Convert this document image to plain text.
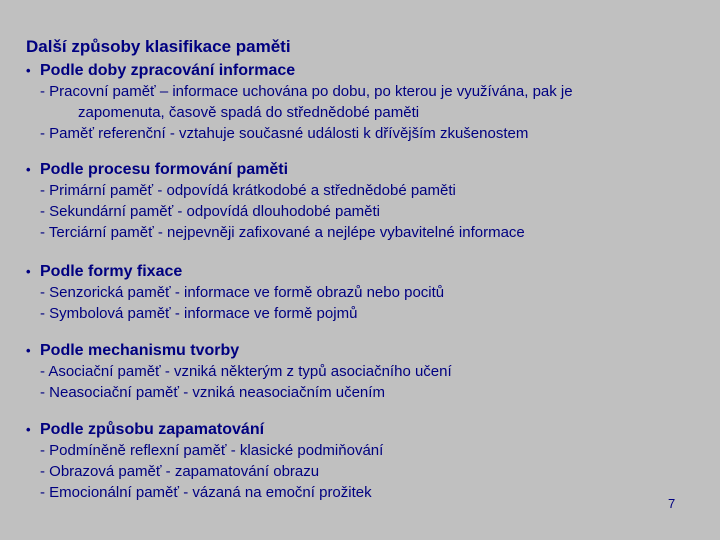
Další způsoby klasifikace paměti
• Podle doby zpracování informace
- Pracovní paměť – informace uchována po dobu, po kterou je využívána, pak je
zapomenuta, časově spadá do střednědobé paměti
- Paměť referenční - vztahuje současné události k dřívějším zkušenostem
• Podle procesu formování paměti
- Primární paměť - odpovídá krátkodobé a střednědobé paměti
- Sekundární paměť - odpovídá dlouhodobé paměti
- Terciární paměť - nejpevněji zafixované a nejlépe vybavitelné informace
• Podle formy fixace
- Senzorická paměť - informace ve formě obrazů nebo pocitů
- Symbolová paměť - informace ve formě pojmů
• Podle mechanismu tvorby
- Asociační paměť - vzniká některým z typů asociačního učení
- Neasociační paměť - vzniká neasociačním učením
• Podle způsobu zapamatování
- Podmíněně reflexní paměť - klasické podmiňování
- Obrazová paměť - zapamatování obrazu
- Emocionální paměť - vázaná na emoční prožitek
7
